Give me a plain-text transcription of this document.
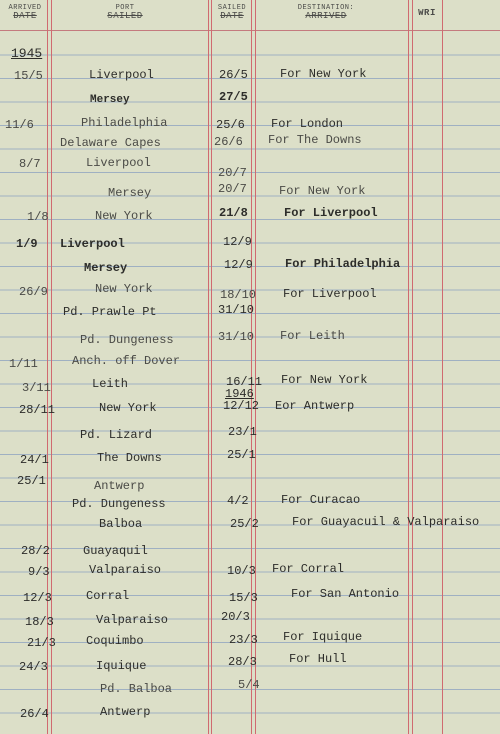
ARRIVED
DATE
PORT
SAILED
SAILED
DATE
DESTINATION:
ARRIVED	WRI
1945
15/5	Liverpool	26/5	For New York
Mersey	27/5
11/6	Philadelphia	25/6 For London
Delaware Capes	26/6 For The Downs
8/7	Liverpool
20/7
Mersey	20/7	For New York
1/8	New York	21/8	For Liverpool
1/9 Liverpool	12/9
Mersey	12/9	For Philadelphia
26/9	New York	18/10 For Liverpool
Pd. Prawle Pt	31/10
Pd. Dungeness	31/10 For Leith
1/11	Anch. off Dover
3/11	Leith	16/11 For New York
1946
28/11	New York	12/12 Eor Antwerp
Pd. Lizard	23/1
24/1	The Downs	25/1
25/1	Antwerp
Pd. Dungeness	4/2	For Curacao
Balboa	25/2	For Guayacuil & Valparaiso
28/2	Guayaquil
9/3	Valparaiso	10/3 For Corral
12/3	Corral	15/3	For San Antonio
18/3	Valparaiso	20/3
21/3	Coquimbo	23/3 For Iquique
24/3	Iquique	28/3	For Hull
Pd. Balboa	5/4
26/4	Antwerp
